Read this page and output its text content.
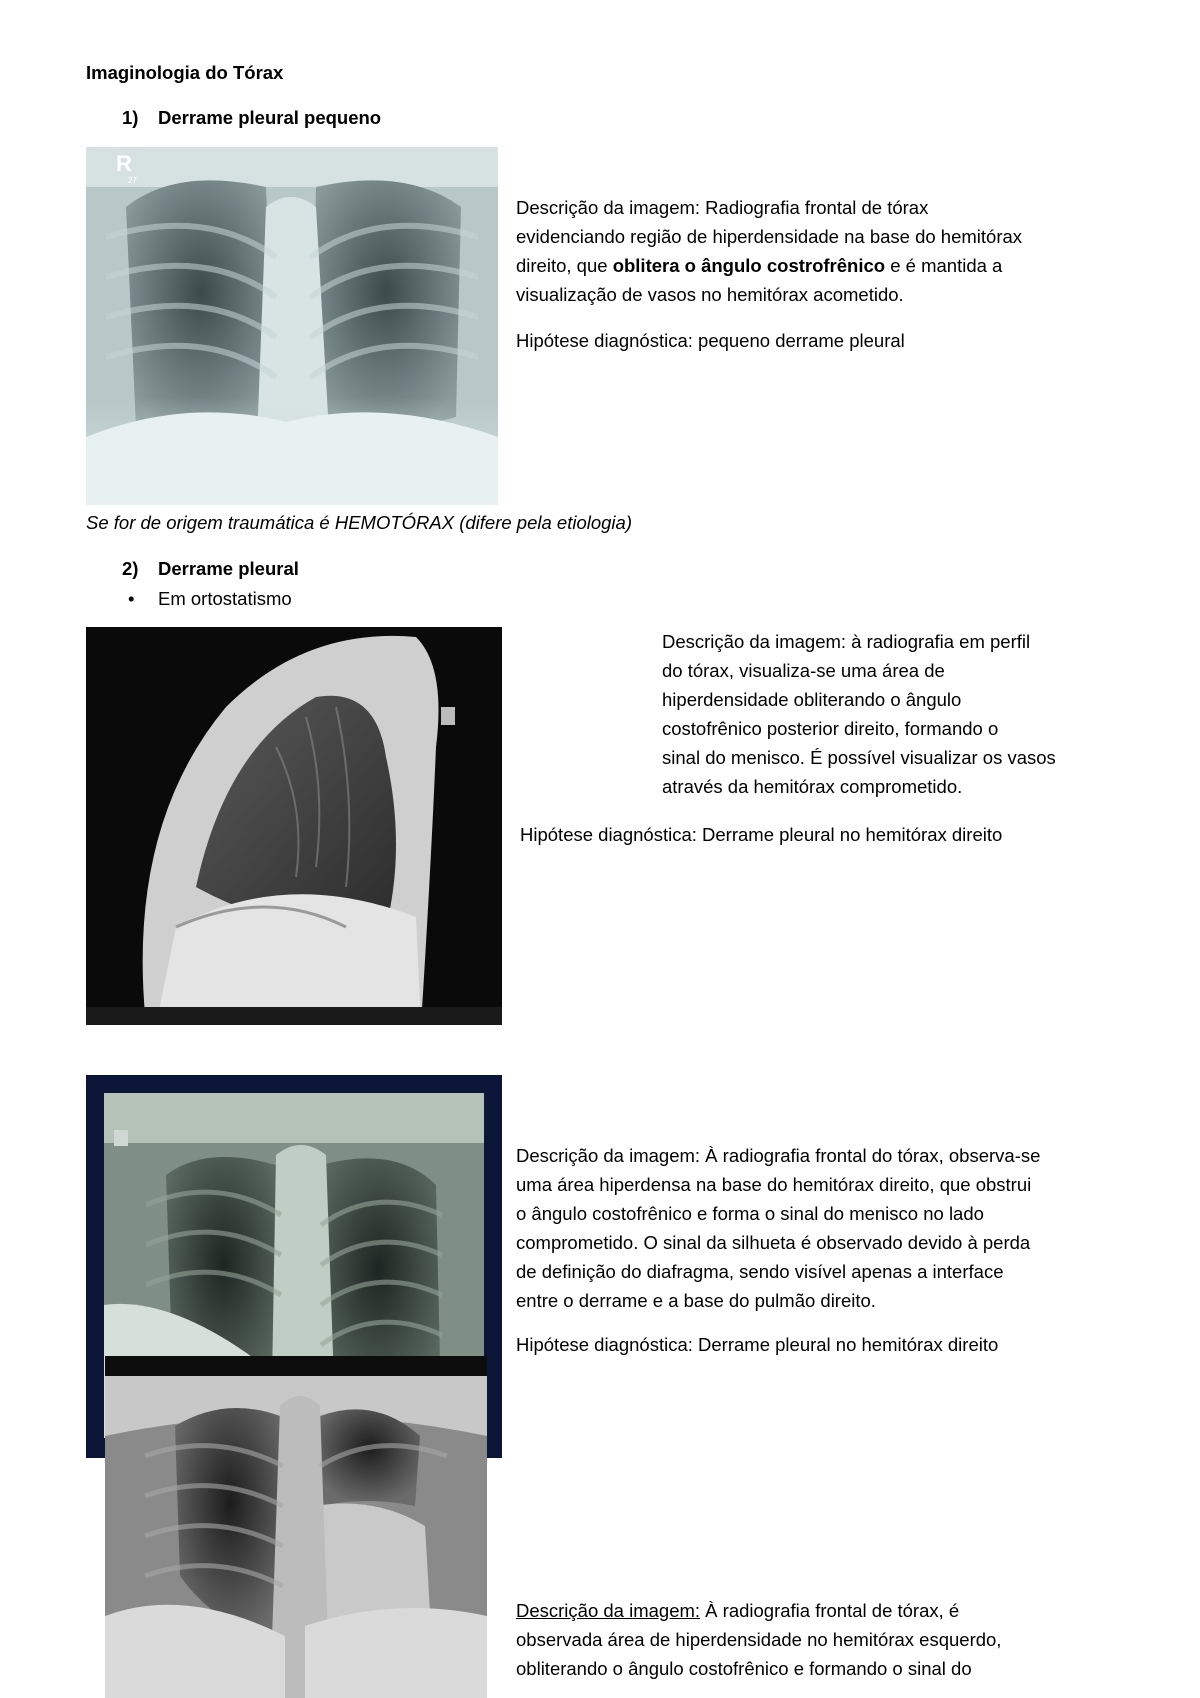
Imaginologia do Tórax
1) Derrame pleural pequeno
R
27

Descrição da imagem: Radiografia frontal de tórax

evidenciando região de hiperdensidade na base do hemitórax

direito, que oblitera o ângulo costrofrênico e é mantida a

visualização de vasos no hemitórax acometido.

Hipótese diagnóstica: pequeno derrame pleural
Se for de origem traumática é HEMOTÓRAX (difere pela etiologia)
2) Derrame pleural
• Em ortostatismo

Descrição da imagem: à radiografia em perfil

do tórax, visualiza-se uma área de

hiperdensidade obliterando o ângulo

costofrênico posterior direito, formando o

sinal do menisco. É possível visualizar os vasos

através da hemitórax comprometido.

Hipótese diagnóstica: Derrame pleural no hemitórax direito

Descrição da imagem: À radiografia frontal do tórax, observa-se

uma área hiperdensa na base do hemitórax direito, que obstrui

o ângulo costofrênico e forma o sinal do menisco no lado

comprometido. O sinal da silhueta é observado devido à perda

de definição do diafragma, sendo visível apenas a interface

entre o derrame e a base do pulmão direito.

Hipótese diagnóstica: Derrame pleural no hemitórax direito

Descrição da imagem: À radiografia frontal de tórax, é

observada área de hiperdensidade no hemitórax esquerdo,

obliterando o ângulo costofrênico e formando o sinal do
